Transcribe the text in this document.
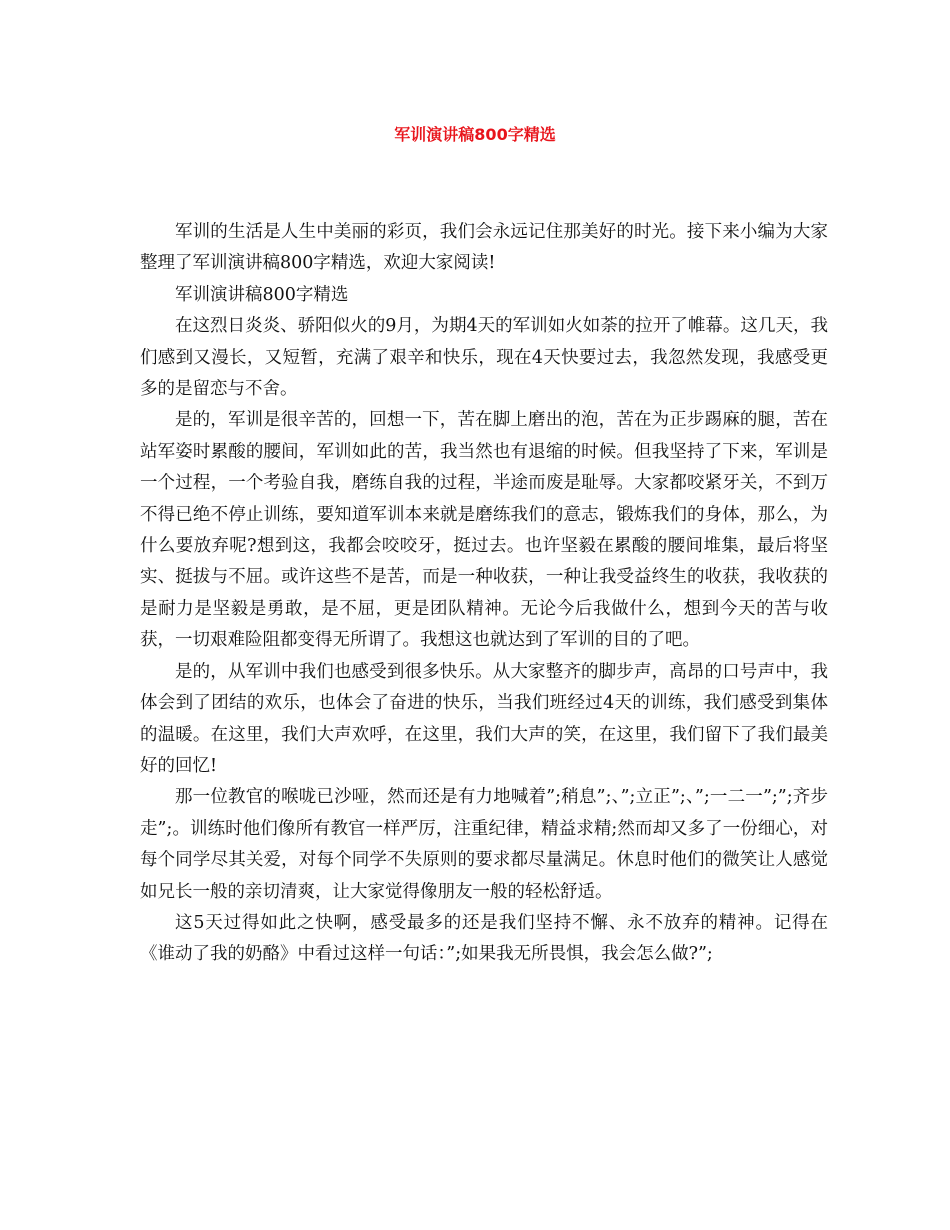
军训演讲稿800字精选

军训的生活是人生中美丽的彩页，我们会永远记住那美好的时光。接下来小编为大家整理了军训演讲稿800字精选，欢迎大家阅读!

军训演讲稿800字精选

在这烈日炎炎、骄阳似火的9月，为期4天的军训如火如荼的拉开了帷幕。这几天，我们感到又漫长，又短暂，充满了艰辛和快乐，现在4天快要过去，我忽然发现，我感受更多的是留恋与不舍。

是的，军训是很辛苦的，回想一下，苦在脚上磨出的泡，苦在为正步踢麻的腿，苦在站军姿时累酸的腰间，军训如此的苦，我当然也有退缩的时候。但我坚持了下来，军训是一个过程，一个考验自我，磨练自我的过程，半途而废是耻辱。大家都咬紧牙关，不到万不得已绝不停止训练，要知道军训本来就是磨练我们的意志，锻炼我们的身体，那么，为什么要放弃呢?想到这，我都会咬咬牙，挺过去。也许坚毅在累酸的腰间堆集，最后将坚实、挺拔与不屈。或许这些不是苦，而是一种收获，一种让我受益终生的收获，我收获的是耐力是坚毅是勇敢，是不屈，更是团队精神。无论今后我做什么，想到今天的苦与收获，一切艰难险阻都变得无所谓了。我想这也就达到了军训的目的了吧。

是的，从军训中我们也感受到很多快乐。从大家整齐的脚步声，高昂的口号声中，我体会到了团结的欢乐，也体会了奋进的快乐，当我们班经过4天的训练，我们感受到集体的温暖。在这里，我们大声欢呼，在这里，我们大声的笑，在这里，我们留下了我们最美好的回忆!

那一位教官的喉咙已沙哑，然而还是有力地喊着”;稍息”;、”;立正”;、”;一二一”;”;齐步走”;。训练时他们像所有教官一样严厉，注重纪律，精益求精;然而却又多了一份细心，对每个同学尽其关爱，对每个同学不失原则的要求都尽量满足。休息时他们的微笑让人感觉如兄长一般的亲切清爽，让大家觉得像朋友一般的轻松舒适。

这5天过得如此之快啊，感受最多的还是我们坚持不懈、永不放弃的精神。记得在《谁动了我的奶酪》中看过这样一句话：”;如果我无所畏惧，我会怎么做?”;
